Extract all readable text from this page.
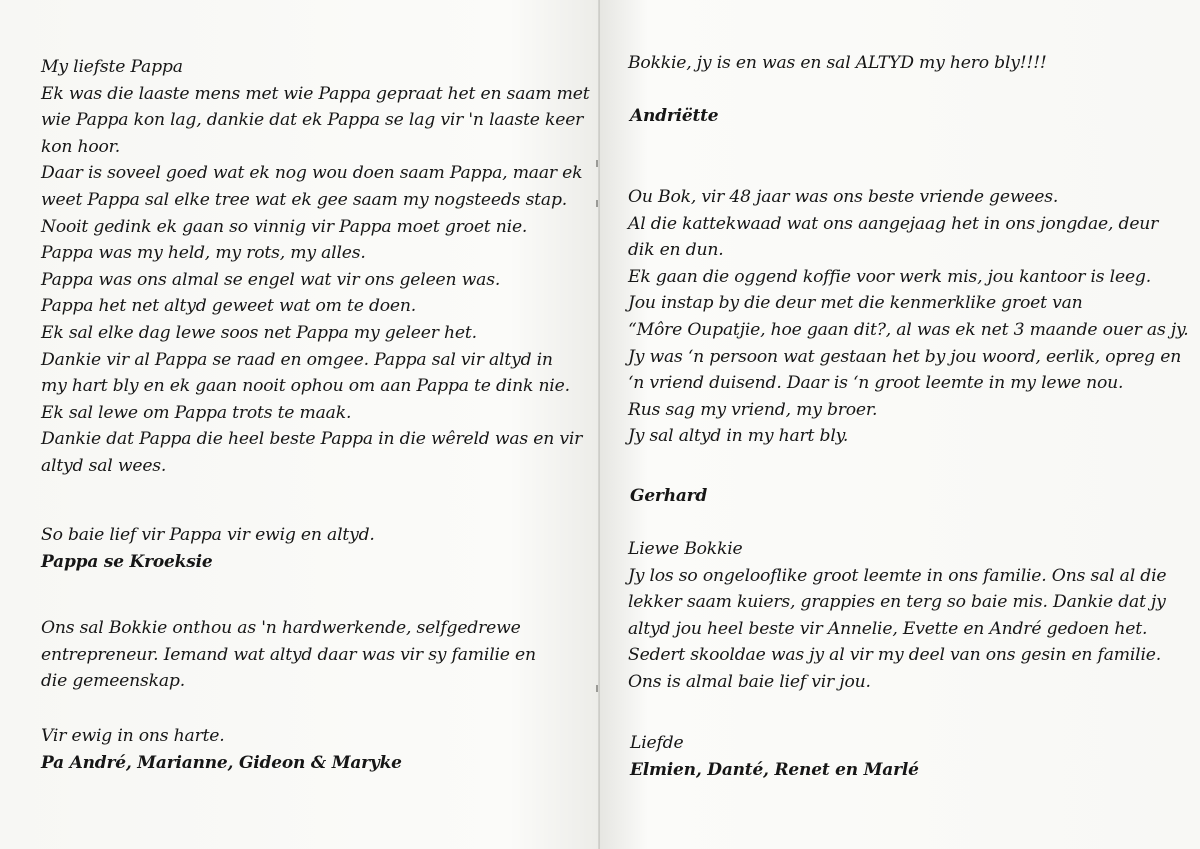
My liefste Pappa
Ek was die laaste mens met wie Pappa gepraat het en saam met
wie Pappa kon lag, dankie dat ek Pappa se lag vir 'n laaste keer
kon hoor.
Daar is soveel goed wat ek nog wou doen saam Pappa, maar ek
weet Pappa sal elke tree wat ek gee saam my nogsteeds stap.
Nooit gedink ek gaan so vinnig vir Pappa moet groet nie.
Pappa was my held, my rots, my alles.
Pappa was ons almal se engel wat vir ons geleen was.
Pappa het net altyd geweet wat om te doen.
Ek sal elke dag lewe soos net Pappa my geleer het.
Dankie vir al Pappa se raad en omgee. Pappa sal vir altyd in
my hart bly en ek gaan nooit ophou om aan Pappa te dink nie.
Ek sal lewe om Pappa trots te maak.
Dankie dat Pappa die heel beste Pappa in die wêreld was en vir
altyd sal wees.
So baie lief vir Pappa vir ewig en altyd.
Pappa se Kroeksie
Ons sal Bokkie onthou as 'n hardwerkende, selfgedrewe
entrepreneur. Iemand wat altyd daar was vir sy familie en
die gemeenskap.
Vir ewig in ons harte.
Pa André, Marianne, Gideon & Maryke
Bokkie, jy is en was en sal ALTYD my hero bly!!!!
Andriëtte
Ou Bok, vir 48 jaar was ons beste vriende gewees.
Al die kattekwaad wat ons aangejaag het in ons jongdae, deur
dik en dun.
Ek gaan die oggend koffie voor werk mis, jou kantoor is leeg.
Jou instap by die deur met die kenmerklike groet van
“Môre Oupatjie, hoe gaan dit?, al was ek net 3 maande ouer as jy.
Jy was ‘n persoon wat gestaan het by jou woord, eerlik, opreg en
‘n vriend duisend. Daar is ‘n groot leemte in my lewe nou.
Rus sag my vriend, my broer.
Jy sal altyd in my hart bly.
Gerhard
Liewe Bokkie
Jy los so ongelooflike groot leemte in ons familie. Ons sal al die
lekker saam kuiers, grappies en terg so baie mis. Dankie dat jy
altyd jou heel beste vir Annelie, Evette en André gedoen het.
Sedert skooldae was jy al vir my deel van ons gesin en familie.
Ons is almal baie lief vir jou.
Liefde
Elmien, Danté, Renet en Marlé
